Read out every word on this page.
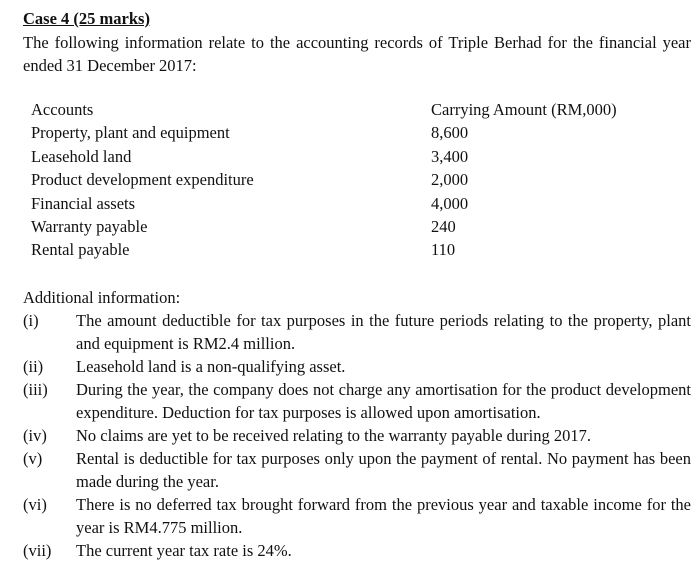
Case 4 (25 marks)
The following information relate to the accounting records of Triple Berhad for the financial year ended 31 December 2017:
Accounts	Carrying Amount (RM,000)
Property, plant and equipment	8,600
Leasehold land	3,400
Product development expenditure	2,000
Financial assets	4,000
Warranty payable	240
Rental payable	110
Additional information:
(i)	The amount deductible for tax purposes in the future periods relating to the property, plant and equipment is RM2.4 million.
(ii)	Leasehold land is a non-qualifying asset.
(iii)	During the year, the company does not charge any amortisation for the product development expenditure. Deduction for tax purposes is allowed upon amortisation.
(iv)	No claims are yet to be received relating to the warranty payable during 2017.
(v)	Rental is deductible for tax purposes only upon the payment of rental. No payment has been made during the year.
(vi)	There is no deferred tax brought forward from the previous year and taxable income for the year is RM4.775 million.
(vii)	The current year tax rate is 24%.
